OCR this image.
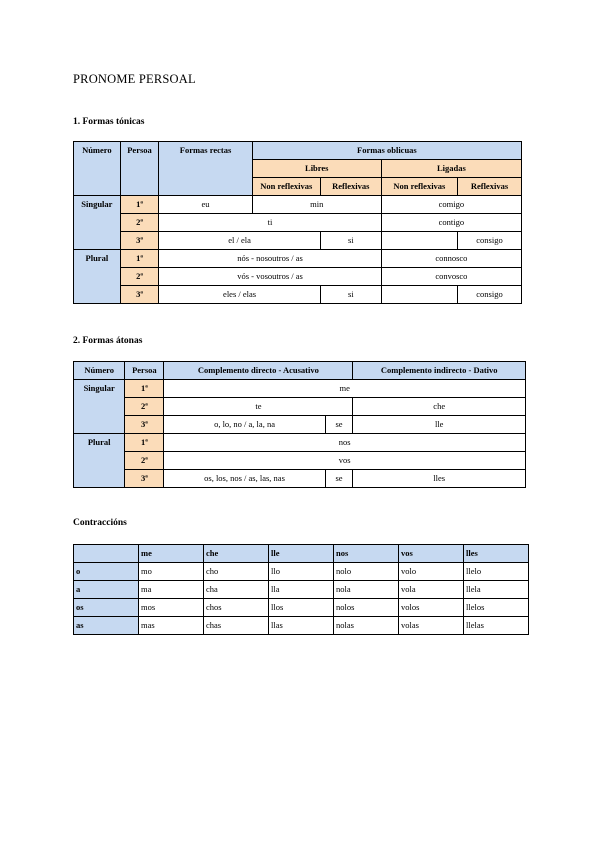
PRONOME PERSOAL
1. Formas tónicas
Número	Persoa	Formas rectas	Formas oblicuas			
			Libres		Ligadas	
			Non reflexivas	Reflexivas	Non reflexivas	Reflexivas
Singular	1ª	eu	min		comigo	
	2ª	ti			contigo	
	3ª	el / ela		si		consigo
Plural	1ª	nós - nosoutros / as			connosco	
	2ª	vós - vosoutros / as			convosco	
	3ª	eles / elas		si		consigo
2. Formas átonas
Número	Persoa	Complemento directo - Acusativo		Complemento indirecto - Dativo
Singular	1ª	me		
	2ª	te		che
	3ª	o, lo, no / a, la, na	se	lle
Plural	1ª	nos		
	2ª	vos		
	3ª	os, los, nos / as, las, nas	se	lles
Contraccións
	me	che	lle	nos	vos	lles
o	mo	cho	llo	nolo	volo	llelo
a	ma	cha	lla	nola	vola	llela
os	mos	chos	llos	nolos	volos	llelos
as	mas	chas	llas	nolas	volas	llelas
